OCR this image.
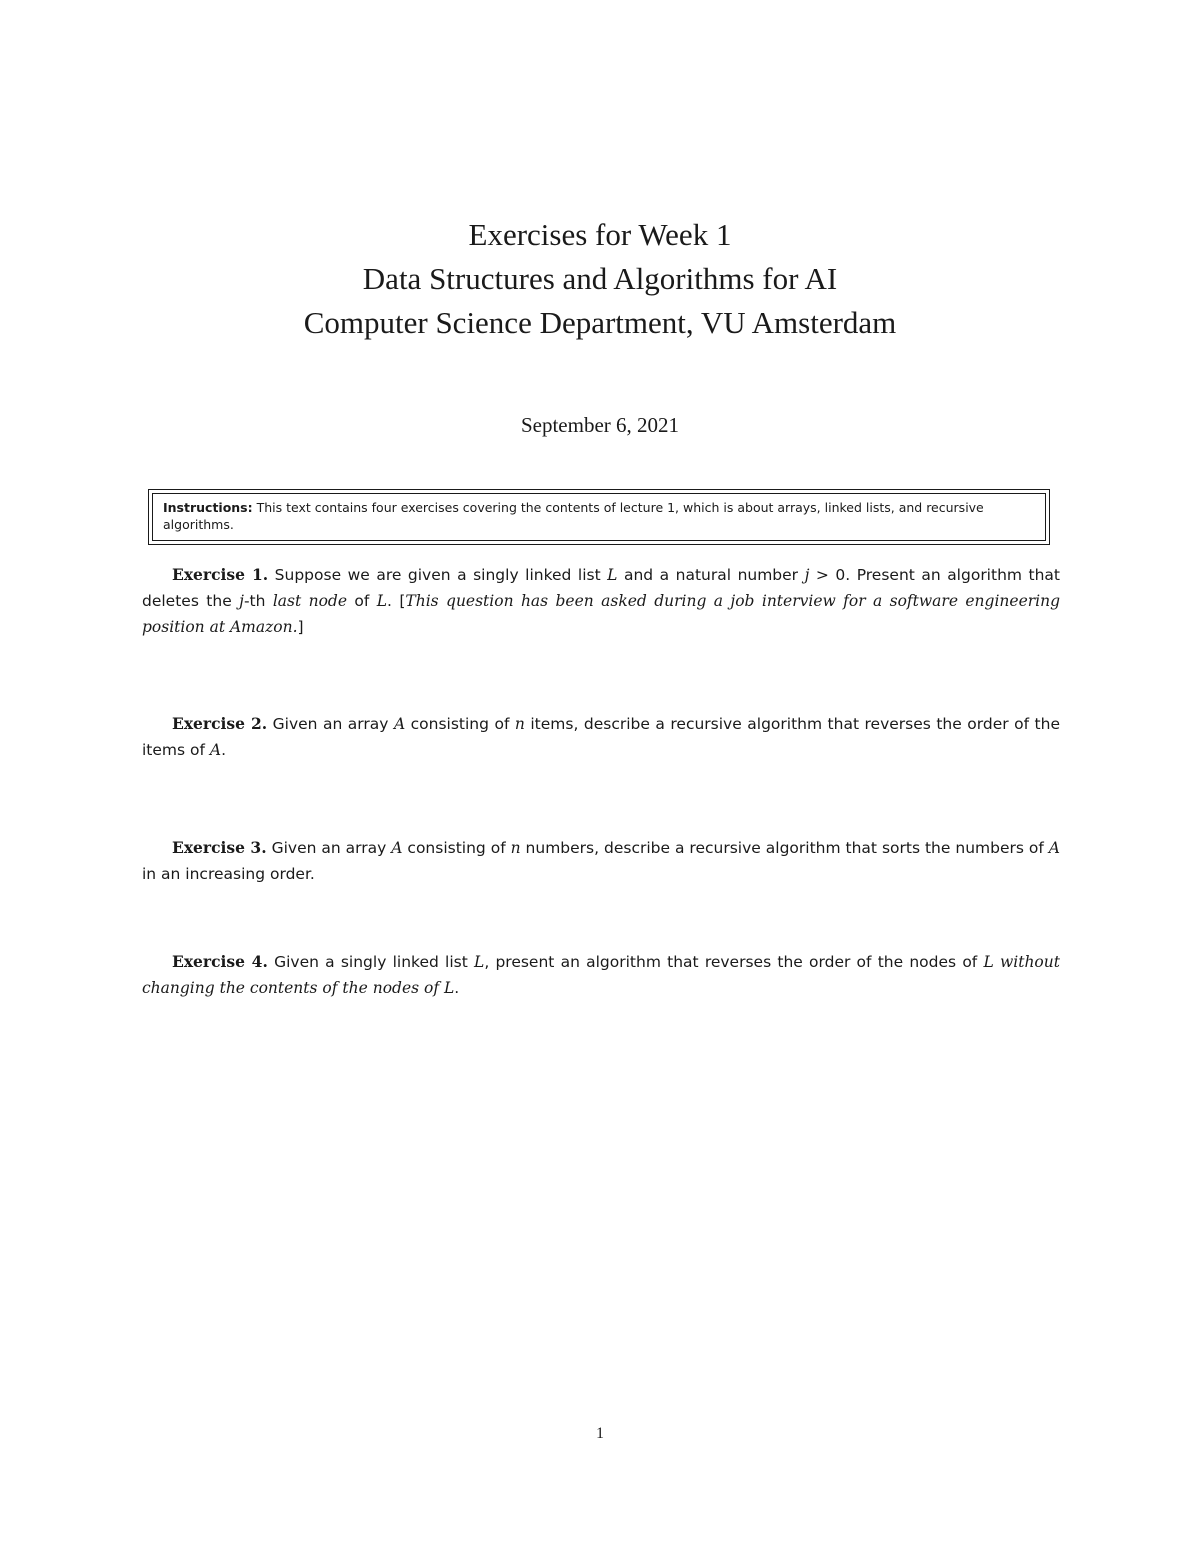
Exercises for Week 1
Data Structures and Algorithms for AI
Computer Science Department, VU Amsterdam
September 6, 2021
Instructions: This text contains four exercises covering the contents of lecture 1, which is about arrays, linked lists, and recursive algorithms.

Exercise 1. Suppose we are given a singly linked list L and a natural number j > 0. Present an algorithm that deletes the j-th last node of L. [This question has been asked during a job interview for a software engineering position at Amazon.]

Exercise 2. Given an array A consisting of n items, describe a recursive algorithm that reverses the order of the items of A.

Exercise 3. Given an array A consisting of n numbers, describe a recursive algorithm that sorts the numbers of A in an increasing order.

Exercise 4. Given a singly linked list L, present an algorithm that reverses the order of the nodes of L without changing the contents of the nodes of L.

1
